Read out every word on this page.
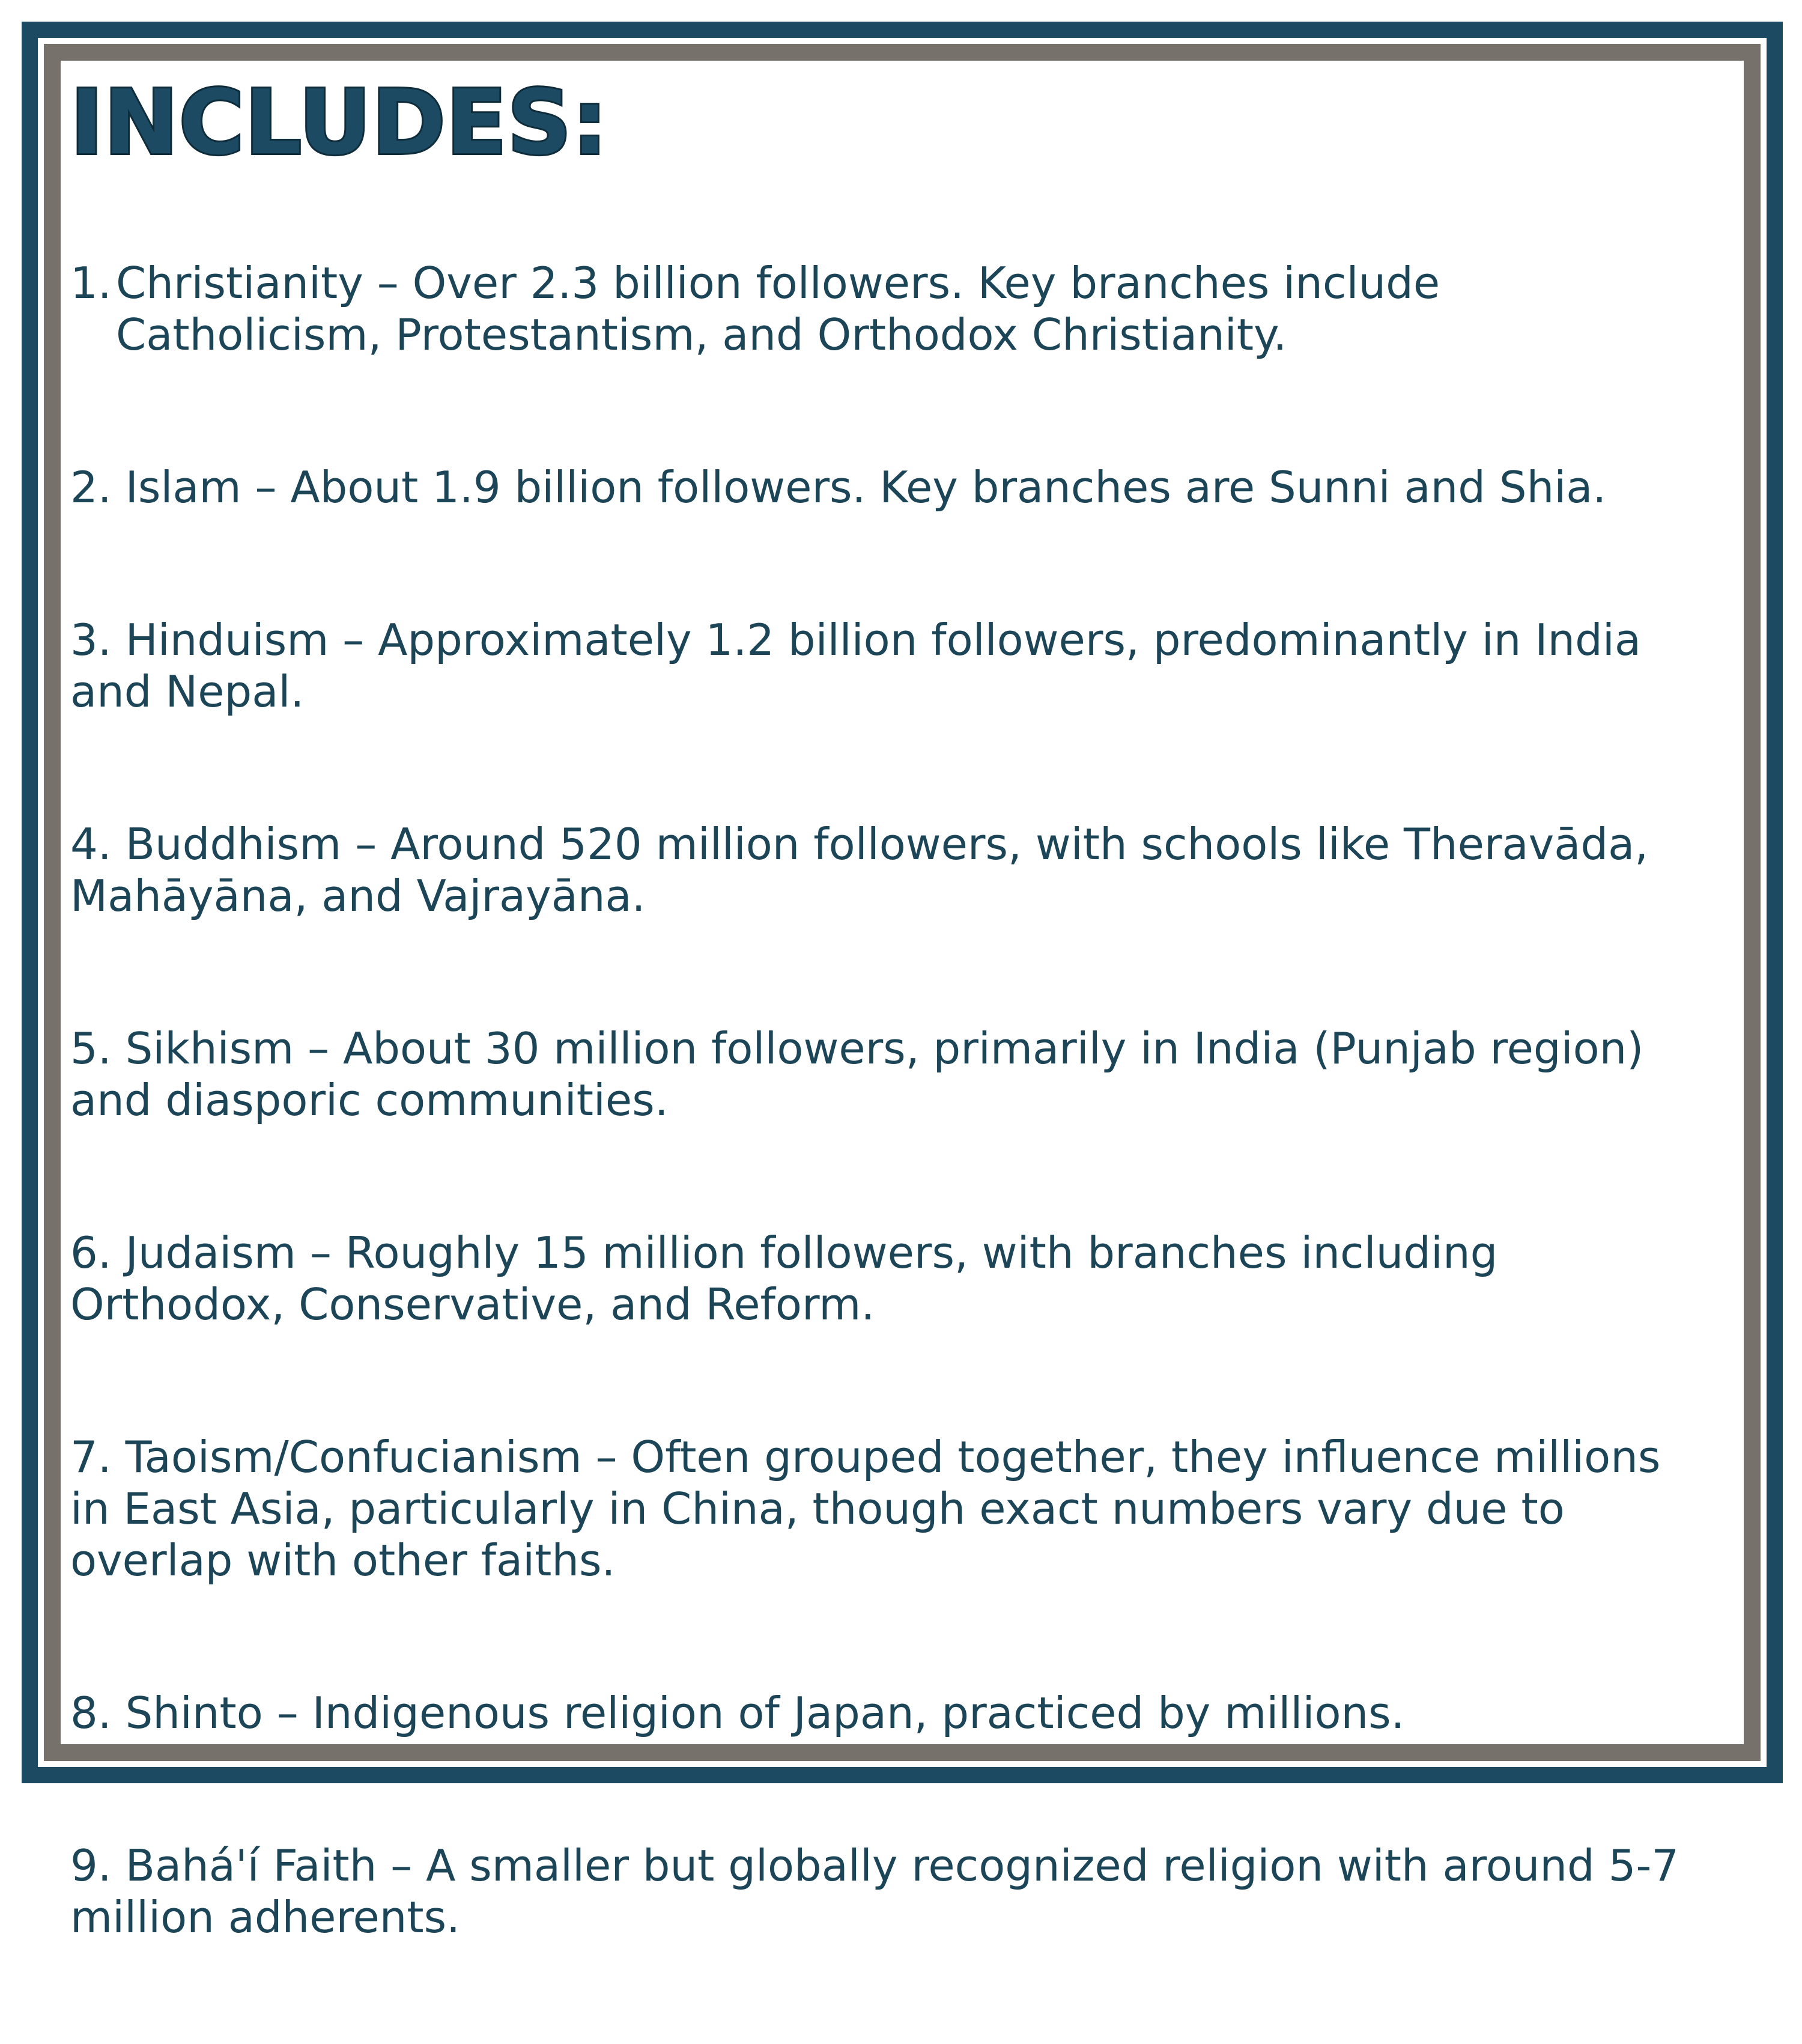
INCLUDES:
1. Christianity – Over 2.3 billion followers. Key branches include Catholicism, Protestantism, and Orthodox Christianity.

2. Islam – About 1.9 billion followers. Key branches are Sunni and Shia.

3. Hinduism – Approximately 1.2 billion followers, predominantly in India and Nepal.

4. Buddhism – Around 520 million followers, with schools like Theravāda, Mahāyāna, and Vajrayāna.

5. Sikhism – About 30 million followers, primarily in India (Punjab region) and diasporic communities.

6. Judaism – Roughly 15 million followers, with branches including Orthodox, Conservative, and Reform.

7. Taoism/Confucianism – Often grouped together, they influence millions in East Asia, particularly in China, though exact numbers vary due to overlap with other faiths.

8. Shinto – Indigenous religion of Japan, practiced by millions.

9. Bahá'í Faith – A smaller but globally recognized religion with around 5-7 million adherents.
